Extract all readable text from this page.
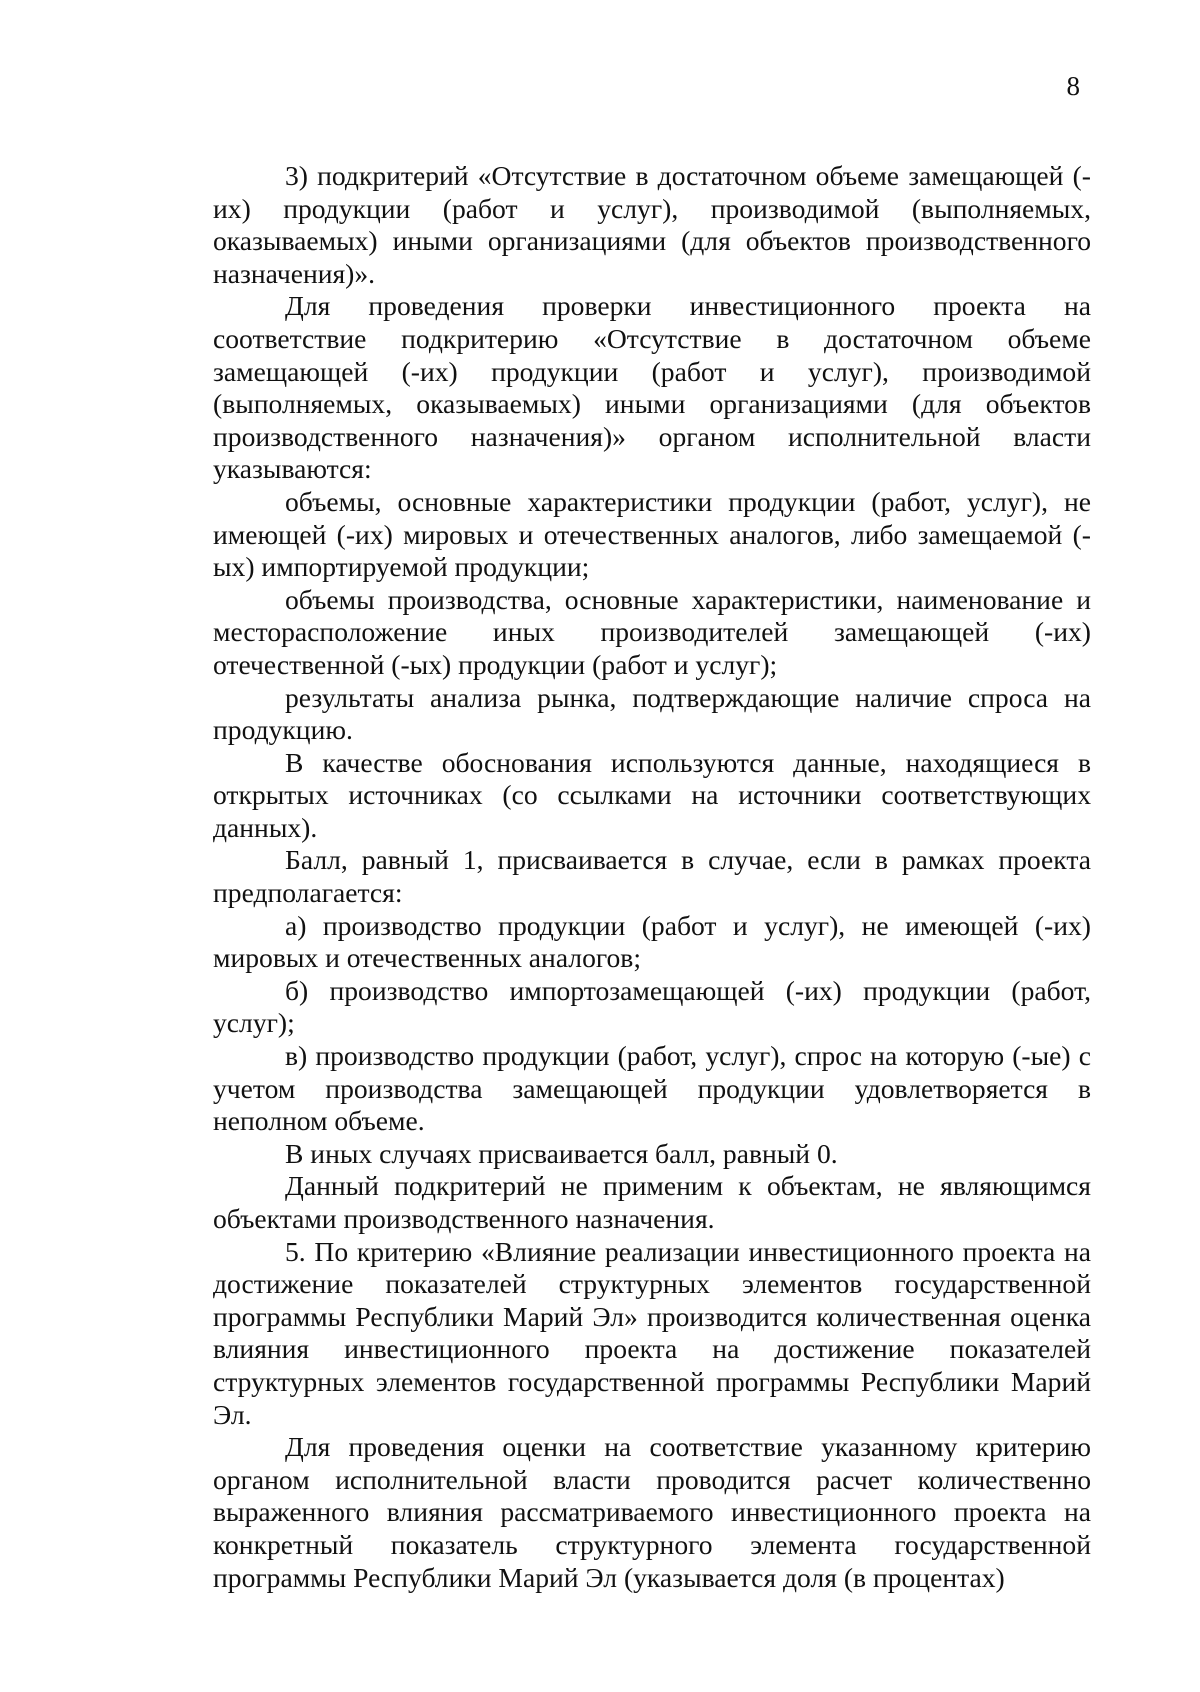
8

3) подкритерий «Отсутствие в достаточном объеме замещающей (-их) продукции (работ и услуг), производимой (выполняемых, оказываемых) иными организациями (для объектов производственного назначения)».

Для проведения проверки инвестиционного проекта на соответствие подкритерию «Отсутствие в достаточном объеме замещающей (-их) продукции (работ и услуг), производимой (выполняемых, оказываемых) иными организациями (для объектов производственного назначения)» органом исполнительной власти указываются:

объемы, основные характеристики продукции (работ, услуг), не имеющей (-их) мировых и отечественных аналогов, либо замещаемой (-ых) импортируемой продукции;

объемы производства, основные характеристики, наименование и месторасположение иных производителей замещающей (-их) отечественной (-ых) продукции (работ и услуг);

результаты анализа рынка, подтверждающие наличие спроса на продукцию.

В качестве обоснования используются данные, находящиеся в открытых источниках (со ссылками на источники соответствующих данных).

Балл, равный 1, присваивается в случае, если в рамках проекта предполагается:

а) производство продукции (работ и услуг), не имеющей (-их) мировых и отечественных аналогов;

б) производство импортозамещающей (-их) продукции (работ, услуг);

в) производство продукции (работ, услуг), спрос на которую (-ые) с учетом производства замещающей продукции удовлетворяется в неполном объеме.

В иных случаях присваивается балл, равный 0.

Данный подкритерий не применим к объектам, не являющимся объектами производственного назначения.

5. По критерию «Влияние реализации инвестиционного проекта на достижение показателей структурных элементов государственной программы Республики Марий Эл» производится количественная оценка влияния инвестиционного проекта на достижение показателей структурных элементов государственной программы Республики Марий Эл.

Для проведения оценки на соответствие указанному критерию органом исполнительной власти проводится расчет количественно выраженного влияния рассматриваемого инвестиционного проекта на конкретный показатель структурного элемента государственной программы Республики Марий Эл (указывается доля (в процентах)
